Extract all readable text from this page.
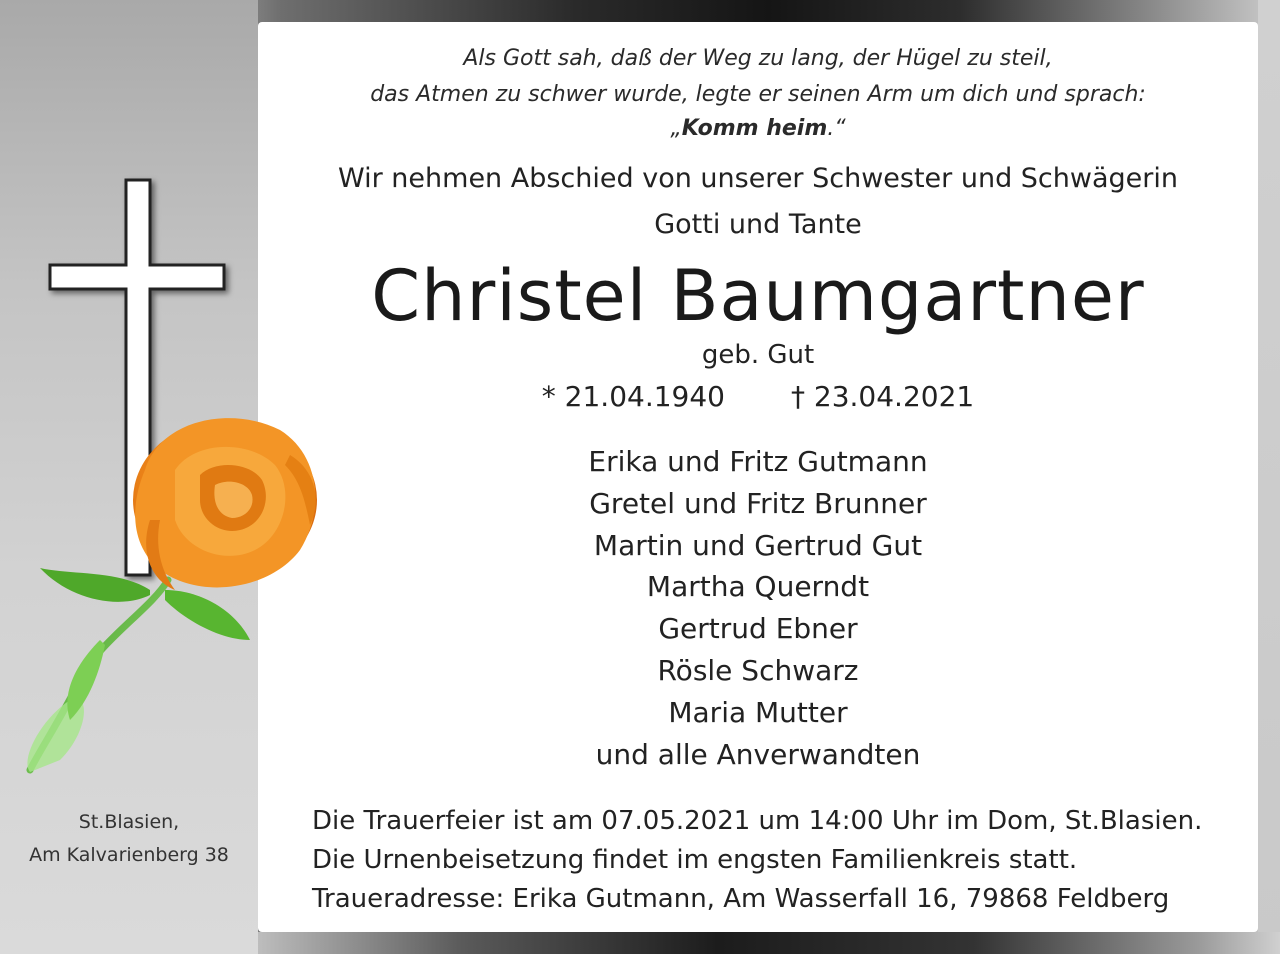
Als Gott sah, daß der Weg zu lang, der Hügel zu steil,
das Atmen zu schwer wurde, legte er seinen Arm um dich und sprach:
„Komm heim.“
Wir nehmen Abschied von unserer Schwester und Schwägerin
Gotti und Tante
Christel Baumgartner
geb. Gut
* 21.04.1940 † 23.04.2021
Erika und Fritz Gutmann
Gretel und Fritz Brunner
Martin und Gertrud Gut
Martha Querndt
Gertrud Ebner
Rösle Schwarz
Maria Mutter
und alle Anverwandten
St.Blasien,
Am Kalvarienberg 38
Die Trauerfeier ist am 07.05.2021 um 14:00 Uhr im Dom, St.Blasien.
Die Urnenbeisetzung findet im engsten Familienkreis statt.
Traueradresse: Erika Gutmann, Am Wasserfall 16, 79868 Feldberg
